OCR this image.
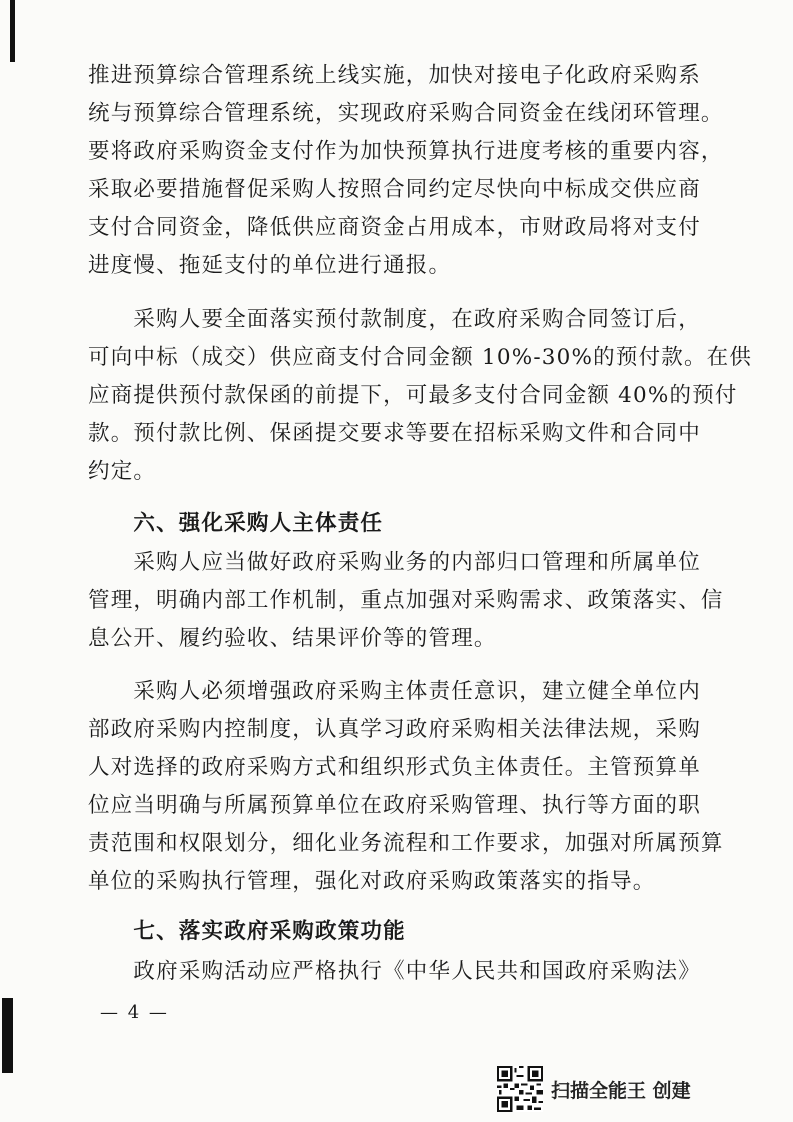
推进预算综合管理系统上线实施，加快对接电子化政府采购系
统与预算综合管理系统，实现政府采购合同资金在线闭环管理。
要将政府采购资金支付作为加快预算执行进度考核的重要内容，
采取必要措施督促采购人按照合同约定尽快向中标成交供应商
支付合同资金，降低供应商资金占用成本，市财政局将对支付
进度慢、拖延支付的单位进行通报。
　　采购人要全面落实预付款制度，在政府采购合同签订后，
可向中标（成交）供应商支付合同金额 10%-30%的预付款。在供
应商提供预付款保函的前提下，可最多支付合同金额 40%的预付
款。预付款比例、保函提交要求等要在招标采购文件和合同中
约定。
　　六、强化采购人主体责任
　　采购人应当做好政府采购业务的内部归口管理和所属单位
管理，明确内部工作机制，重点加强对采购需求、政策落实、信
息公开、履约验收、结果评价等的管理。
　　采购人必须增强政府采购主体责任意识，建立健全单位内
部政府采购内控制度，认真学习政府采购相关法律法规，采购
人对选择的政府采购方式和组织形式负主体责任。主管预算单
位应当明确与所属预算单位在政府采购管理、执行等方面的职
责范围和权限划分，细化业务流程和工作要求，加强对所属预算
单位的采购执行管理，强化对政府采购政策落实的指导。
　　七、落实政府采购政策功能
　　政府采购活动应严格执行《中华人民共和国政府采购法》
— 4 —
扫描全能王 创建
